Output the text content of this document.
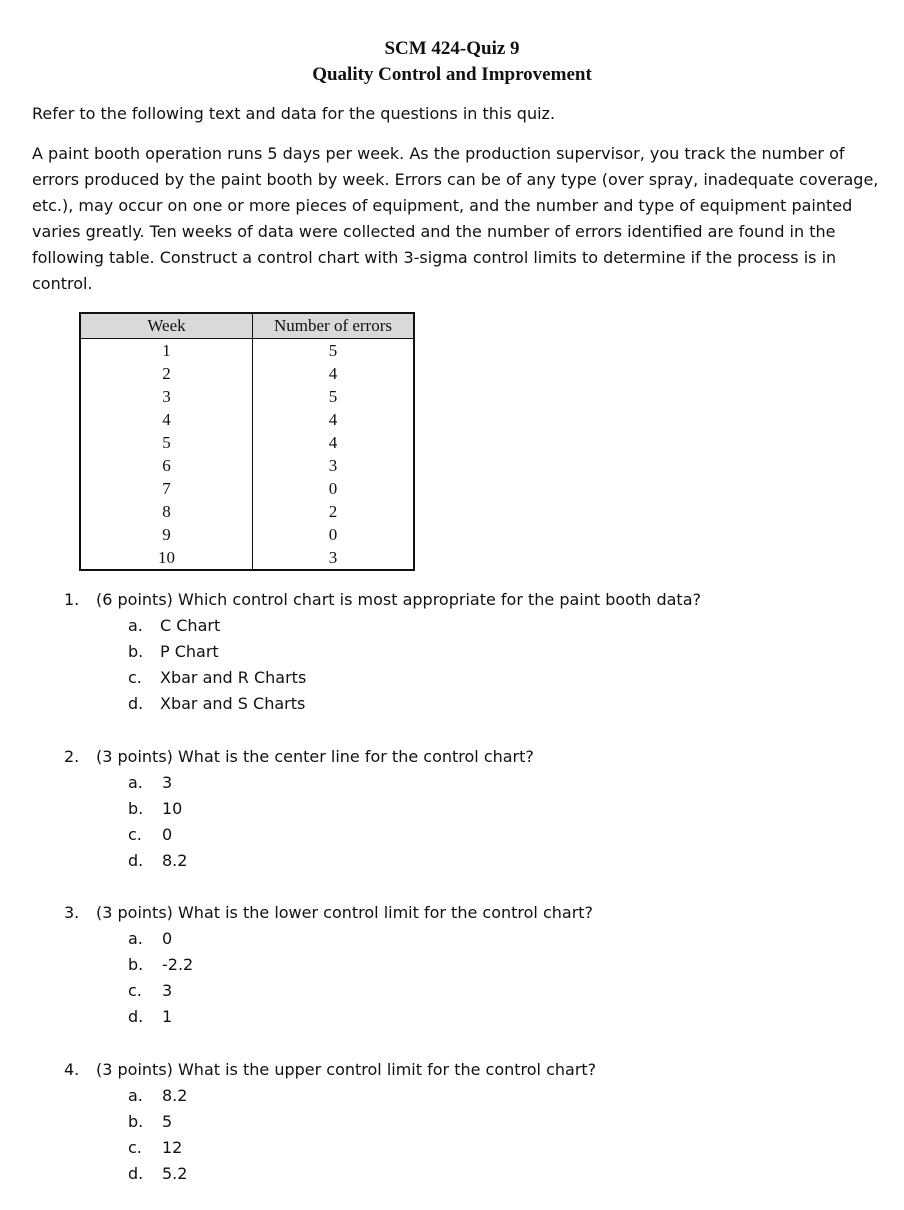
SCM 424-Quiz 9
Quality Control and Improvement

Refer to the following text and data for the questions in this quiz.

A paint booth operation runs 5 days per week. As the production supervisor, you track the number of errors produced by the paint booth by week. Errors can be of any type (over spray, inadequate coverage, etc.), may occur on one or more pieces of equipment, and the number and type of equipment painted varies greatly. Ten weeks of data were collected and the number of errors identified are found in the following table. Construct a control chart with 3-sigma control limits to determine if the process is in control.

Week	Number of errors
1	5
2	4
3	5
4	4
5	4
6	3
7	0
8	2
9	0
10	3
1.	(6 points) Which control chart is most appropriate for the paint booth data?
a.	C Chart
b.	P Chart
c.	Xbar and R Charts
d.	Xbar and S Charts
2.	(3 points) What is the center line for the control chart?
a.	3
b.	10
c.	0
d.	8.2
3.	(3 points) What is the lower control limit for the control chart?
a.	0
b.	-2.2
c.	3
d.	1
4.	(3 points) What is the upper control limit for the control chart?
a.	8.2
b.	5
c.	12
d.	5.2
